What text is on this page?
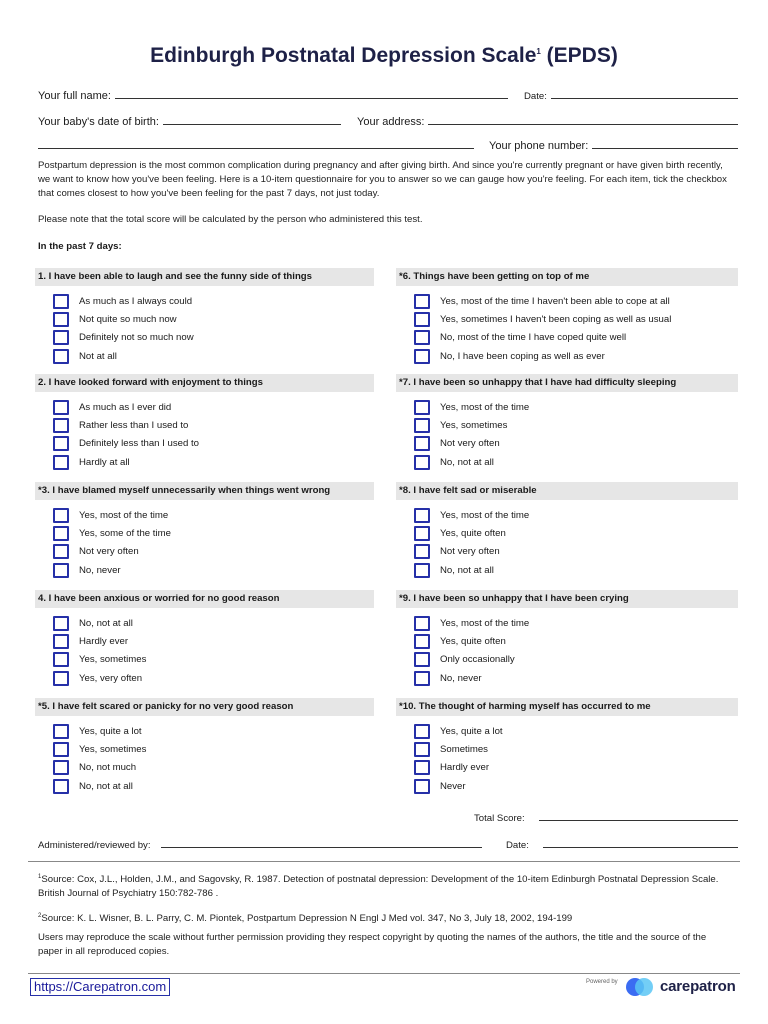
Edinburgh Postnatal Depression Scale$^1$ (EPDS)
Your full name:	Date:
Your baby's date of birth:	Your address:
Your phone number:
Postpartum depression is the most common complication during pregnancy and after giving birth. And since you're currently pregnant or have given birth recently, we want to know how you've been feeling. Here is a 10-item questionnaire for you to answer so we can gauge how you're feeling. For each item, tick the checkbox that comes closest to how you've been feeling for the past 7 days, not just today.
Please note that the total score will be calculated by the person who administered this test.
In the past 7 days:
1. I have been able to laugh and see the funny side of things
As much as I always could
Not quite so much now
Definitely not so much now
Not at all
2. I have looked forward with enjoyment to things
As much as I ever did
Rather less than I used to
Definitely less than I used to
Hardly at all
*3. I have blamed myself unnecessarily when things went wrong
Yes, most of the time
Yes, some of the time
Not very often
No, never
4. I have been anxious or worried for no good reason
No, not at all
Hardly ever
Yes, sometimes
Yes, very often
*5. I have felt scared or panicky for no very good reason
Yes, quite a lot
Yes, sometimes
No, not much
No, not at all
*6. Things have been getting on top of me
Yes, most of the time I haven't been able to cope at all
Yes, sometimes I haven't been coping as well as usual
No, most of the time I have coped quite well
No, I have been coping as well as ever
*7. I have been so unhappy that I have had difficulty sleeping
Yes, most of the time
Yes, sometimes
Not very often
No, not at all
*8. I have felt sad or miserable
Yes, most of the time
Yes, quite often
Not very often
No, not at all
*9. I have been so unhappy that I have been crying
Yes, most of the time
Yes, quite often
Only occasionally
No, never
*10. The thought of harming myself has occurred to me
Yes, quite a lot
Sometimes
Hardly ever
Never
Total Score:
Administered/reviewed by:	Date:
$^1$Source: Cox, J.L., Holden, J.M., and Sagovsky, R. 1987. Detection of postnatal depression: Development of the 10-item Edinburgh Postnatal Depression Scale. British Journal of Psychiatry 150:782-786 .
$^2$Source: K. L. Wisner, B. L. Parry, C. M. Piontek, Postpartum Depression N Engl J Med vol. 347, No 3, July 18, 2002, 194-199
Users may reproduce the scale without further permission providing they respect copyright by quoting the names of the authors, the title and the source of the paper in all reproduced copies.
https://Carepatron.com	Powered by	carepatron
